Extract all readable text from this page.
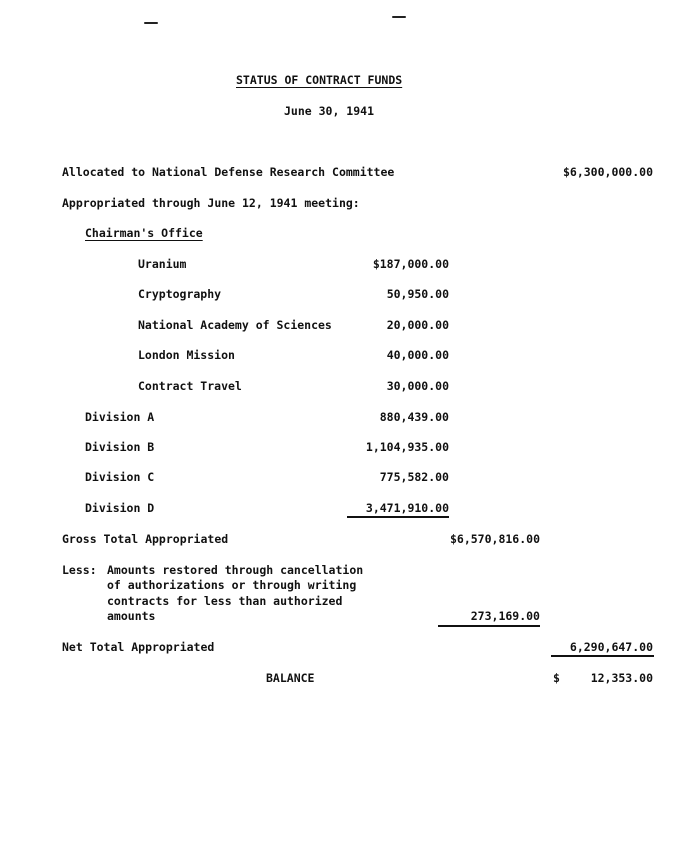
STATUS OF CONTRACT FUNDS
June 30, 1941
Allocated to National Defense Research Committee	$6,300,000.00
Appropriated through June 12, 1941 meeting:
Chairman's Office
Uranium	$187,000.00
Cryptography	50,950.00
National Academy of Sciences	20,000.00
London Mission	40,000.00
Contract Travel	30,000.00
Division A	880,439.00
Division B	1,104,935.00
Division C	775,582.00
Division D	3,471,910.00
Gross Total Appropriated	$6,570,816.00
Less: Amounts restored through cancellation
of authorizations or through writing
contracts for less than authorized
amounts	273,169.00
Net Total Appropriated	6,290,647.00
BALANCE	$	12,353.00
